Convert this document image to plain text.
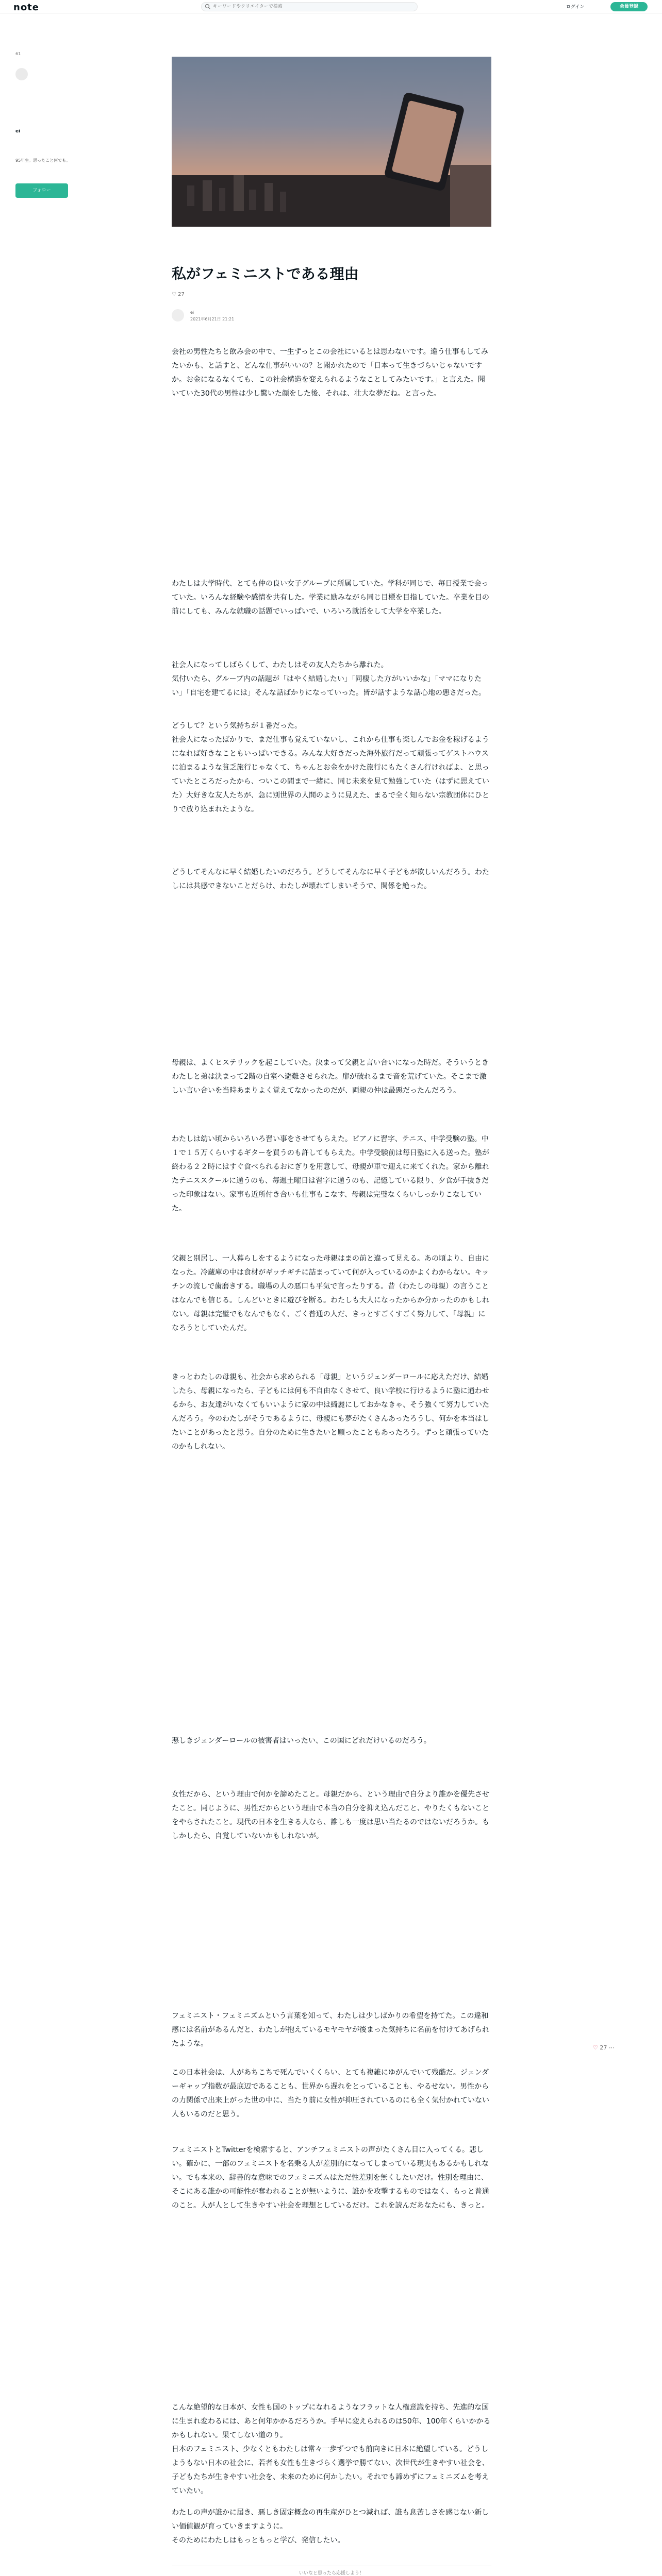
note
キーワードやクリエイターで検索	ログイン	会員登録
61
ei
95年生。思ったこと何でも。
フォロー
私がフェミニストである理由
♡ 27
ei
2021年6月21日 21:21
会社の男性たちと飲み会の中で、一生ずっとこの会社にいるとは思わないです。違う仕事もしてみたいかも、と話すと、どんな仕事がいいの？と聞かれたので「日本って生きづらいじゃないですか。お金になるなくても、この社会構造を変えられるようなことしてみたいです。」と言えた。聞いていた30代の男性は少し驚いた顔をした後、それは、壮大な夢だね。と言った。
わたしは大学時代、とても仲の良い女子グループに所属していた。学科が同じで、毎日授業で会っていた。いろんな経験や感情を共有した。学業に励みながら同じ目標を目指していた。卒業を目の前にしても、みんな就職の話題でいっぱいで、いろいろ就活をして大学を卒業した。
社会人になってしばらくして、わたしはその友人たちから離れた。
気付いたら、グループ内の話題が「はやく結婚したい」「同棲した方がいいかな」「ママになりたい」「自宅を建てるには」そんな話ばかりになっていった。皆が話すような話心地の悪さだった。
どうして？という気持ちが１番だった。
社会人になったばかりで、まだ仕事も覚えていないし、これから仕事も楽しんでお金を稼げるようになれば好きなこともいっぱいできる。みんな大好きだった海外旅行だって頑張ってゲストハウスに泊まるような貧乏旅行じゃなくて、ちゃんとお金をかけた旅行にもたくさん行ければよ、と思っていたところだったから、ついこの間まで一緒に、同じ未来を見て勉強していた（はずに思えていた）大好きな友人たちが、急に別世界の人間のように見えた、まるで全く知らない宗教団体にひとりで放り込まれたような。
どうしてそんなに早く結婚したいのだろう。どうしてそんなに早く子どもが欲しいんだろう。わたしには共感できないことだらけ、わたしが壊れてしまいそうで、関係を絶った。
母親は、よくヒステリックを起こしていた。決まって父親と言い合いになった時だ。そういうときわたしと弟は決まって2階の自室へ避難させられた。扉が破れるまで音を荒げていた。そこまで激しい言い合いを当時あまりよく覚えてなかったのだが、両親の仲は最悪だったんだろう。
わたしは幼い頃からいろいろ習い事をさせてもらえた。ピアノに習字、テニス、中学受験の塾。中１で１５万くらいするギターを買うのも許してもらえた。中学受験前は毎日塾に入る送った。塾が終わる２２時にはすぐ食べられるおにぎりを用意して、母親が車で迎えに来てくれた。家から離れたテニススクールに通うのも、毎週土曜日は習字に通うのも、記憶している限り、夕食が手抜きだった印象はない。家事も近所付き合いも仕事もこなす、母親は完璧なくらいしっかりこなしていた。
父親と別居し、一人暮らしをするようになった母親はまの前と違って見える。あの頃より、自由になった。冷蔵庫の中は食材がギッチギチに詰まっていて何が入っているのかよくわからない。キッチンの流しで歯磨きする。職場の人の悪口も平気で言ったりする。昔（わたしの母親）の言うことはなんでも信じる。しんどいときに遊びを断る。わたしも大人になったからか分かったのかもしれない。母親は完璧でもなんでもなく、ごく普通の人だ、きっとすごくすごく努力して、「母親」になろうとしていたんだ。
きっとわたしの母親も、社会から求められる「母親」というジェンダーロールに応えただけ、結婚したら、母親になったら、子どもには何も不自由なくさせて、良い学校に行けるように塾に通わせるから、お友達がいなくてもいいように家の中は綺麗にしておかなきゃ、そう強くて努力していたんだろう。今のわたしがそうであるように、母親にも夢がたくさんあったろうし、何かを本当はしたいことがあったと思う。自分のために生きたいと願ったこともあったろう。ずっと頑張っていたのかもしれない。
悪しきジェンダーロールの被害者はいったい、この国にどれだけいるのだろう。
女性だから、という理由で何かを諦めたこと。母親だから、という理由で自分より誰かを優先させたこと。同じように、男性だからという理由で本当の自分を抑え込んだこと、やりたくもないことをやらされたこと。現代の日本を生きる人なら、誰しも一度は思い当たるのではないだろうか。もしかしたら、自覚していないかもしれないが。
フェミニスト・フェミニズムという言葉を知って、わたしは少しばかりの希望を持てた。この違和感には名前があるんだと、わたしが抱えているモヤモヤが後まった気持ちに名前を付けてあげられたような。
この日本社会は、人があちこちで死んでいくくらい、とても複雑にゆがんでいて残酷だ。ジェンダーギャップ指数が最底辺であることも、世界から遅れをとっていることも、やるせない。男性からの力関係で出来上がった世の中に、当たり前に女性が抑圧されているのにも全く気付かれていない人もいるのだと思う。
フェミニストとTwitterを検索すると、アンチフェミニストの声がたくさん目に入ってくる。悲しい。確かに、一部のフェミニストを名乗る人が差別的になってしまっている現実もあるかもしれない。でも本来の、辞書的な意味でのフェミニズムはただ性差別を無くしたいだけ。性別を理由に、そこにある誰かの可能性が奪われることが無いように、誰かを攻撃するものではなく、もっと普通のこと。人が人として生きやすい社会を理想としているだけ。これを読んだあなたにも、きっと。
こんな絶望的な日本が、女性も国のトップになれるようなフラットな人権意識を持ち、先進的な国に生まれ変わるには、あと何年かかるだろうか。手早に変えられるのは50年、100年くらいかかるかもしれない。果てしない道のり。
日本のフェミニスト、少なくともわたしは常々一歩ずつでも前向きに日本に絶望している。どうしようもない日本の社会に、若者も女性も生きづらく選挙で勝てない、次世代が生きやすい社会を、子どもたちが生きやすい社会を、未来のために何かしたい。それでも諦めずにフェミニズムを考えていたい。
わたしの声が誰かに届き、悪しき固定概念の再生産がひとつ減れば、誰も息苦しさを感じない新しい価値観が育っていきますように。
そのためにわたしはもっともっと学び、発信したい。
♡ 27 ⋯
いいなと思ったら応援しよう！
